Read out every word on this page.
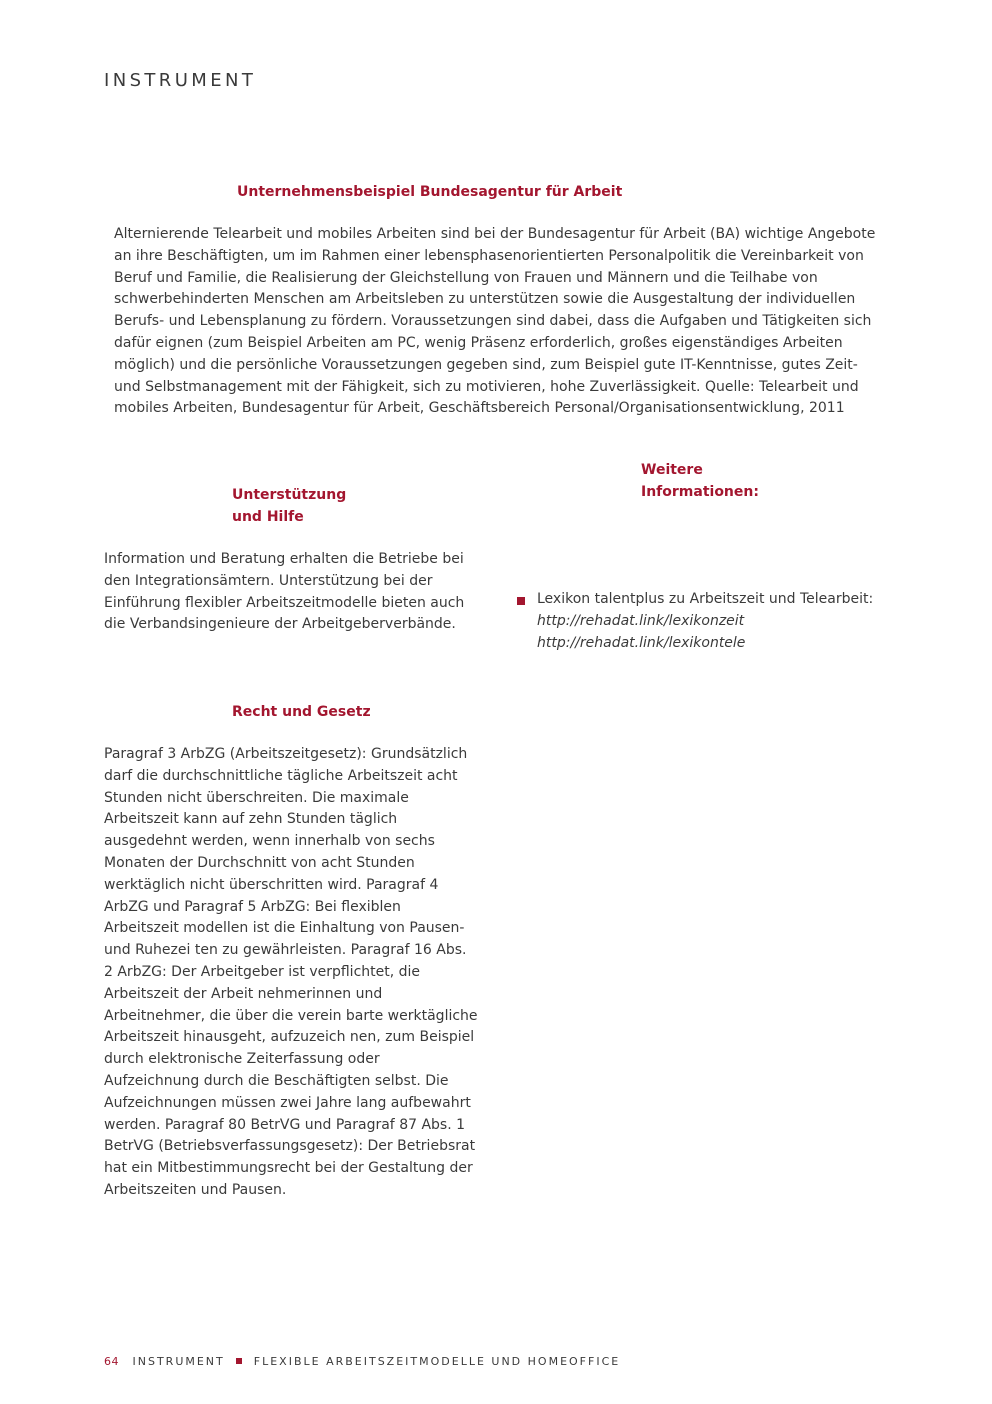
INSTRUMENT
Unternehmensbeispiel Bundesagentur für Arbeit
Alternierende Telearbeit und mobiles Arbeiten sind bei der Bundesagentur für Arbeit (BA) wichtige Angebote an ihre Beschäftigten, um im Rahmen einer lebensphasenorientierten Personalpolitik die Vereinbarkeit von Beruf und Familie, die Realisierung der Gleichstellung von Frauen und Männern und die Teilhabe von schwerbehinderten Menschen am Arbeitsleben zu unterstützen sowie die Ausgestaltung der individuellen Berufs- und Lebensplanung zu fördern. Voraussetzungen sind dabei, dass die Aufgaben und Tätigkeiten sich dafür eignen (zum Beispiel Arbeiten am PC, wenig Präsenz erforderlich, großes eigenständiges Arbeiten möglich) und die persönliche Voraussetzungen gegeben sind, zum Beispiel gute IT-Kenntnisse, gutes Zeit- und Selbstmanagement mit der Fähigkeit, sich zu motivieren, hohe Zuverlässigkeit. Quelle: Telearbeit und mobiles Arbeiten, Bundesagentur für Arbeit, Geschäftsbereich Personal/Organisationsentwicklung, 2011
Unterstützung
und Hilfe
Information und Beratung erhalten die Betriebe bei den Integrationsämtern. Unterstützung bei der Einführung flexibler Arbeitszeitmodelle bieten auch die Verbandsingenieure der Arbeitgeberverbände.
Weitere
Informationen:
Lexikon talentplus zu Arbeitszeit und Telearbeit:
http://rehadat.link/lexikonzeit
http://rehadat.link/lexikontele
Recht und Gesetz
Paragraf 3 ArbZG (Arbeitszeitgesetz): Grundsätzlich darf die durchschnittliche tägliche Arbeitszeit acht Stunden nicht überschreiten. Die maximale Arbeitszeit kann auf zehn Stunden täglich ausgedehnt werden, wenn innerhalb von sechs Monaten der Durchschnitt von acht Stunden werktäglich nicht überschritten wird. Paragraf 4 ArbZG und Paragraf 5 ArbZG: Bei flexiblen Arbeitszeit modellen ist die Einhaltung von Pausen- und Ruhezei ten zu gewährleisten. Paragraf 16 Abs. 2 ArbZG: Der Arbeitgeber ist verpflichtet, die Arbeitszeit der Arbeit nehmerinnen und Arbeitnehmer, die über die verein barte werktägliche Arbeitszeit hinausgeht, aufzuzeich nen, zum Beispiel durch elektronische Zeiterfassung oder Aufzeichnung durch die Beschäftigten selbst. Die Aufzeichnungen müssen zwei Jahre lang aufbewahrt werden. Paragraf 80 BetrVG und Paragraf 87 Abs. 1 BetrVG (Betriebsverfassungsgesetz): Der Betriebsrat hat ein Mitbestimmungsrecht bei der Gestaltung der Arbeitszeiten und Pausen.
64 INSTRUMENT	FLEXIBLE ARBEITSZEITMODELLE UND HOMEOFFICE
